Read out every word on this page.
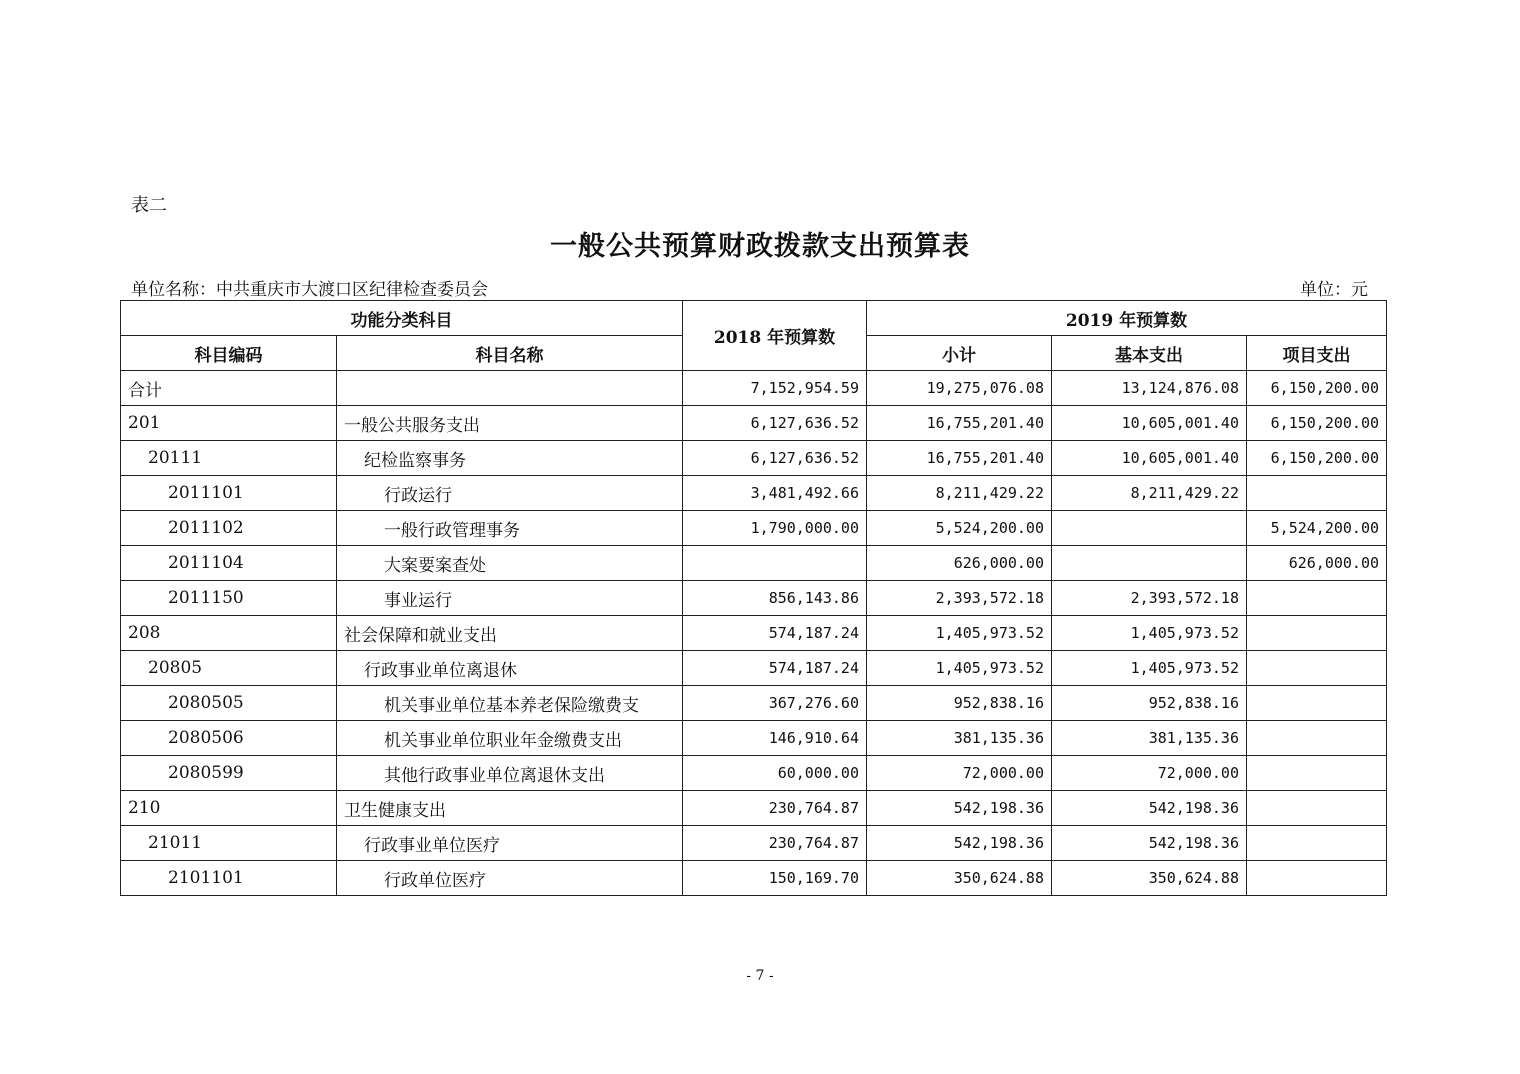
表二
一般公共预算财政拨款支出预算表
单位名称：中共重庆市大渡口区纪律检查委员会	单位：元
功能分类科目		2018 年预算数	2019 年预算数		
科目编码	科目名称		小计	基本支出	项目支出
合计		7,152,954.59	19,275,076.08	13,124,876.08	6,150,200.00
201	一般公共服务支出	6,127,636.52	16,755,201.40	10,605,001.40	6,150,200.00
20111	纪检监察事务	6,127,636.52	16,755,201.40	10,605,001.40	6,150,200.00
2011101	行政运行	3,481,492.66	8,211,429.22	8,211,429.22	
2011102	一般行政管理事务	1,790,000.00	5,524,200.00		5,524,200.00
2011104	大案要案查处		626,000.00		626,000.00
2011150	事业运行	856,143.86	2,393,572.18	2,393,572.18	
208	社会保障和就业支出	574,187.24	1,405,973.52	1,405,973.52	
20805	行政事业单位离退休	574,187.24	1,405,973.52	1,405,973.52	
2080505	机关事业单位基本养老保险缴费支	367,276.60	952,838.16	952,838.16	
2080506	机关事业单位职业年金缴费支出	146,910.64	381,135.36	381,135.36	
2080599	其他行政事业单位离退休支出	60,000.00	72,000.00	72,000.00	
210	卫生健康支出	230,764.87	542,198.36	542,198.36	
21011	行政事业单位医疗	230,764.87	542,198.36	542,198.36	
2101101	行政单位医疗	150,169.70	350,624.88	350,624.88	
- 7 -
